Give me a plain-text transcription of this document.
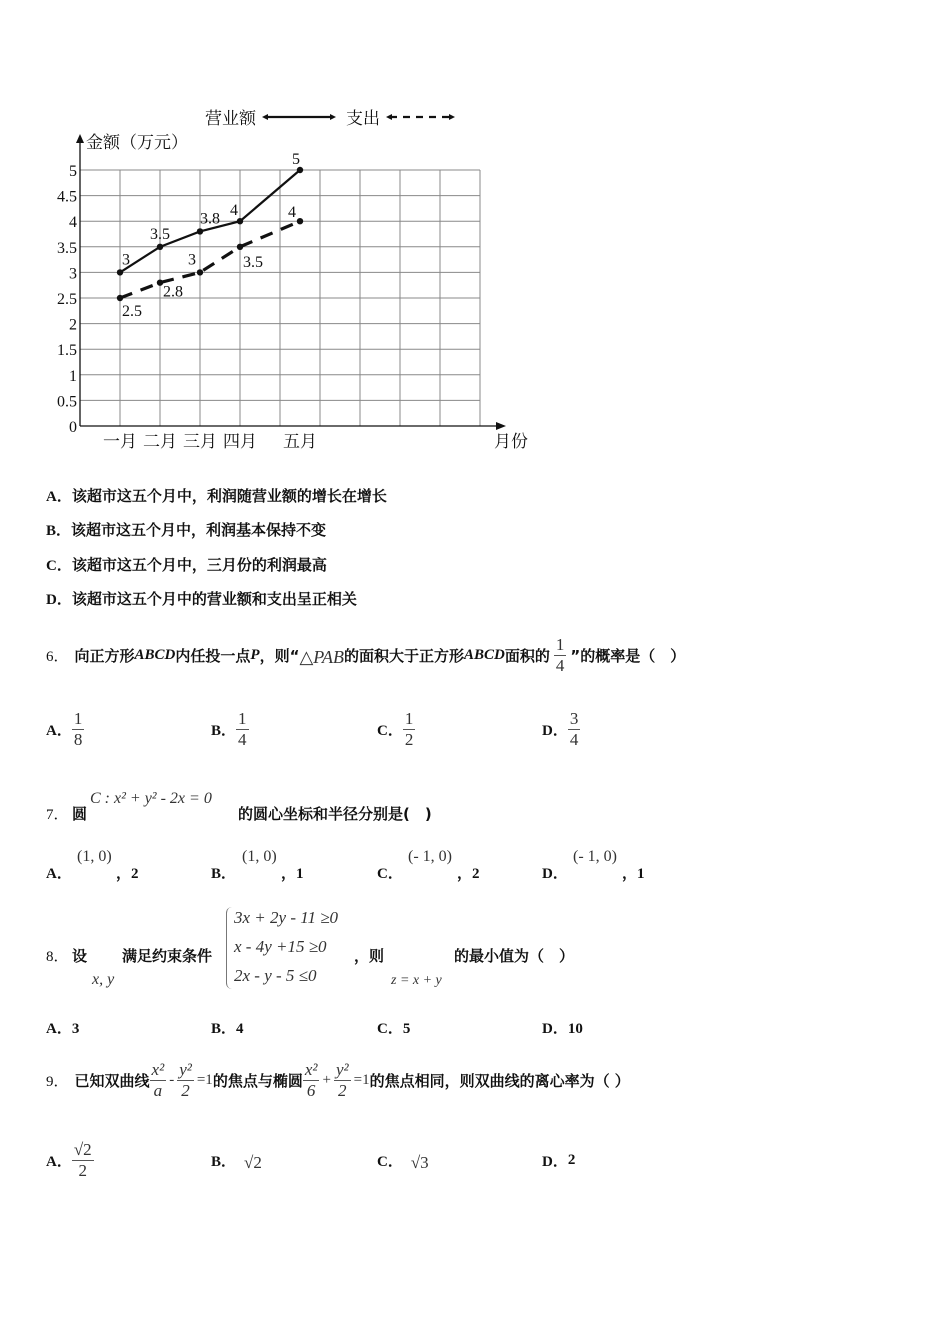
营业额	支出
金额（万元）
0
0.5
1
1.5
2
2.5
3
3.5
4
4.5
5
一月 二月 三月 四月 五月
3
3.5
3.8 4
5
2.5
2.8
3	3.5
4
月份
A．该超市这五个月中，利润随营业额的增长在增长
B．该超市这五个月中，利润基本保持不变
C．该超市这五个月中，三月份的利润最高
D．该超市这五个月中的营业额和支出呈正相关
6． 向正方形 ABCD 内任投一点 P ，则“ △PAB 的面积大于正方形 ABCD 面积的 $\frac{1}{4}$ ”的概率是（　）
A． $\frac{1}{8}$	B． $\frac{1}{4}$	C． $\frac{1}{2}$	D． $\frac{3}{4}$
7． 圆
C : x² + y² - 2x = 0
的圆心坐标和半径分别是(　)
A．
(1, 0)
，2	B．
(1, 0)
，1	C．
(- 1, 0)
，2	D．
(- 1, 0)
，1
8． 设
x, y
满足约束条件
3x + 2y - 11 ≥0
x - 4y +15 ≥0
2x - y - 5 ≤0
，则
z = x + y
的最小值为（　）
A．3	B．4	C．5	D．10
9． 已知双曲线 $\frac{\text{x²}}{a} - \frac{\text{y²}}{2} =1$ 的焦点与椭圆 $\frac{\text{x²}}{6} + \frac{\text{y²}}{2} =1$ 的焦点相同，则双曲线的离心率为（ ）
A． $\frac{√2}{2}$	B． √2	C． √3	D． 2
